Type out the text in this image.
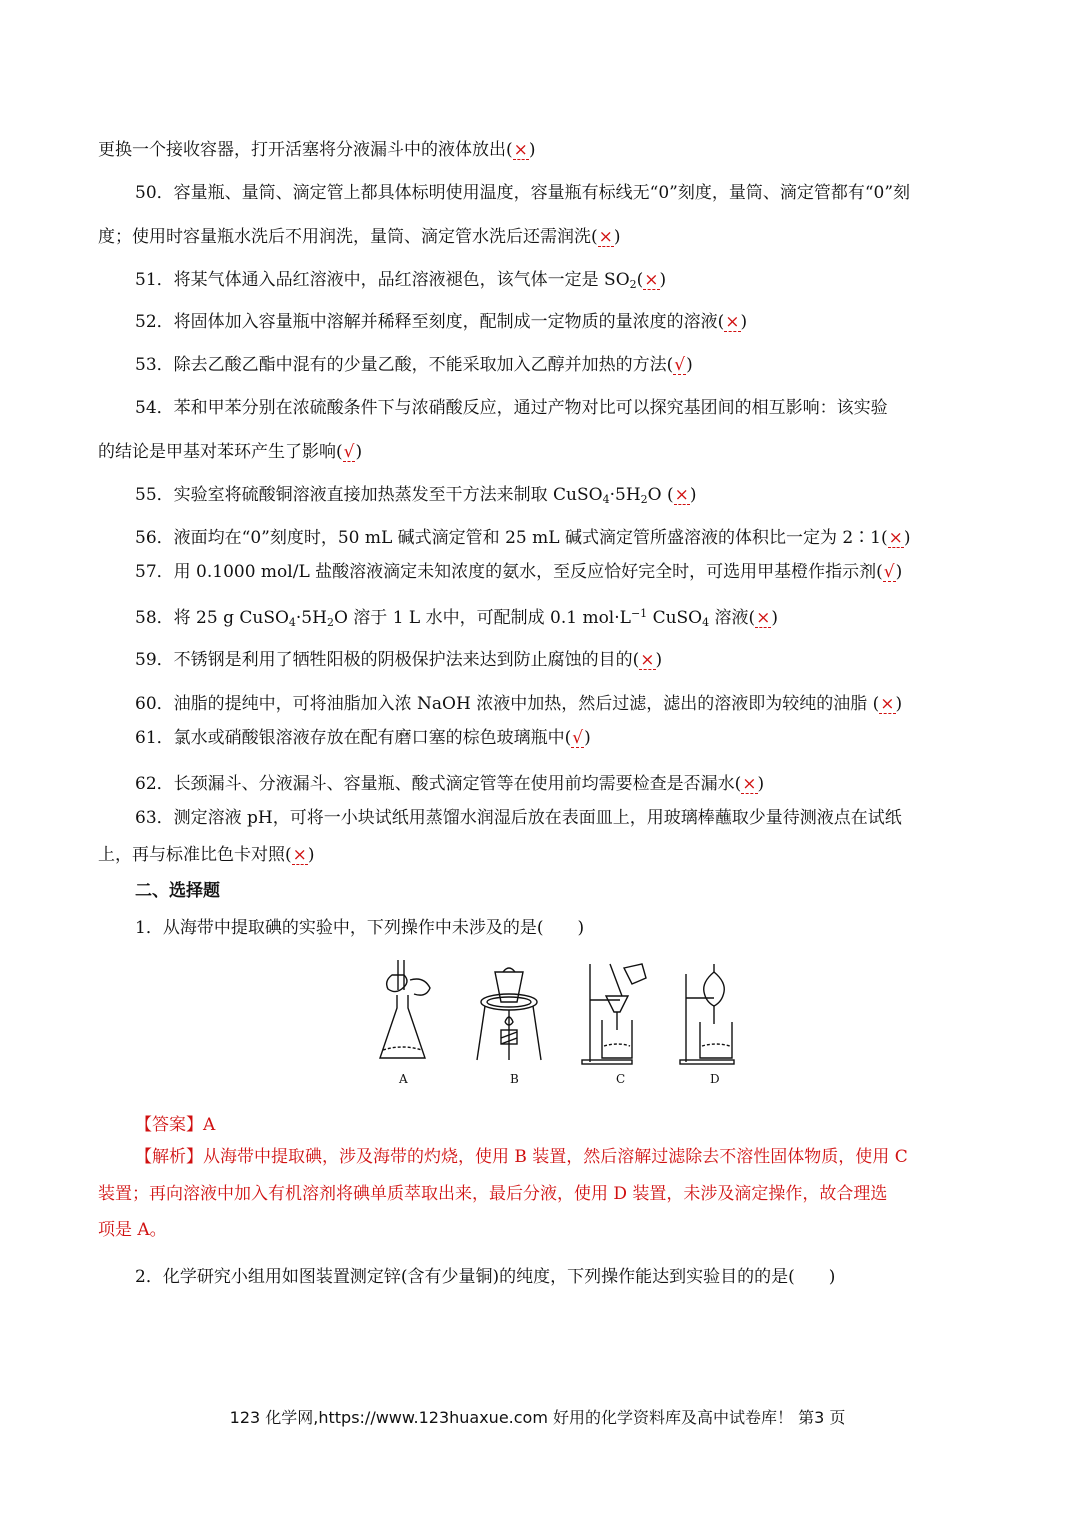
更换一个接收容器，打开活塞将分液漏斗中的液体放出(×)
50．容量瓶、量筒、滴定管上都具体标明使用温度，容量瓶有标线无“0”刻度，量筒、滴定管都有“0”刻
度；使用时容量瓶水洗后不用润洗，量筒、滴定管水洗后还需润洗(×)
51．将某气体通入品红溶液中，品红溶液褪色，该气体一定是 $SO_2(\times)$
52．将固体加入容量瓶中溶解并稀释至刻度，配制成一定物质的量浓度的溶液(×)
53．除去乙酸乙酯中混有的少量乙酸，不能采取加入乙醇并加热的方法(√)
54．苯和甲苯分别在浓硫酸条件下与浓硝酸反应，通过产物对比可以探究基团间的相互影响：该实验
的结论是甲基对苯环产生了影响(√)
55．实验室将硫酸铜溶液直接加热蒸发至干方法来制取 $CuSO_4\cdot 5H_2O$ (×)
56．液面均在“0”刻度时，50 mL 碱式滴定管和 25 mL 碱式滴定管所盛溶液的体积比一定为 2∶1(×)
57．用 0.1000 mol/L 盐酸溶液滴定未知浓度的氨水，至反应恰好完全时，可选用甲基橙作指示剂(√)
58．将 25 g $CuSO_4\cdot 5H_2O$ 溶于 1 L 水中，可配制成 0.1 $mol\cdot L^{-1}$ CuSO$_4$ 溶液(×)
59．不锈钢是利用了牺牲阳极的阴极保护法来达到防止腐蚀的目的(×)
60．油脂的提纯中，可将油脂加入浓 NaOH 浓液中加热，然后过滤，滤出的溶液即为较纯的油脂 (×)
61．氯水或硝酸银溶液存放在配有磨口塞的棕色玻璃瓶中(√)
62．长颈漏斗、分液漏斗、容量瓶、酸式滴定管等在使用前均需要检查是否漏水(×)
63．测定溶液 pH，可将一小块试纸用蒸馏水润湿后放在表面皿上，用玻璃棒蘸取少量待测液点在试纸
上，再与标准比色卡对照(×)
二、选择题
1．从海带中提取碘的实验中，下列操作中未涉及的是(　　)
A	B	C	D
【答案】A
【解析】从海带中提取碘，涉及海带的灼烧，使用 B 装置，然后溶解过滤除去不溶性固体物质，使用 C
装置；再向溶液中加入有机溶剂将碘单质萃取出来，最后分液，使用 D 装置，未涉及滴定操作，故合理选
项是 A。
2．化学研究小组用如图装置测定锌(含有少量铜)的纯度，下列操作能达到实验目的的是(　　)
123 化学网,https://www.123huaxue.com 好用的化学资料库及高中试卷库！ 第3 页
